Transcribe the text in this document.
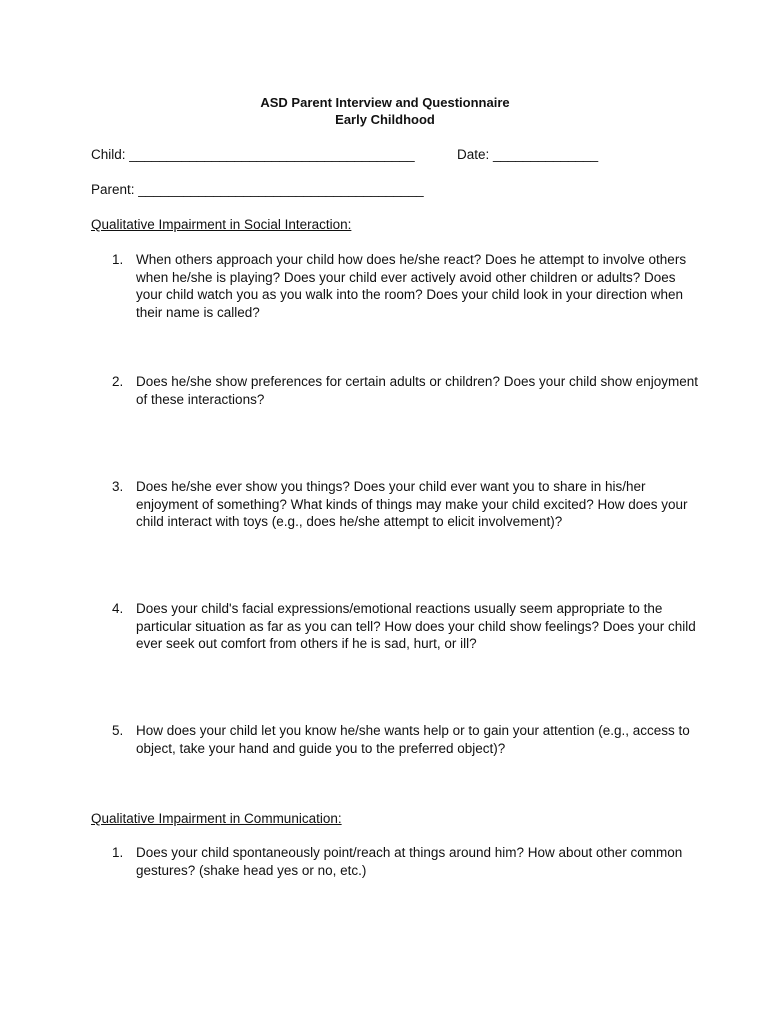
ASD Parent Interview and Questionnaire
Early Childhood
Child: ______________________________________	Date: ______________
Parent: ______________________________________
Qualitative Impairment in Social Interaction:
1. When others approach your child how does he/she react? Does he attempt to involve others when he/she is playing? Does your child ever actively avoid other children or adults? Does your child watch you as you walk into the room? Does your child look in your direction when their name is called?
2. Does he/she show preferences for certain adults or children? Does your child show enjoyment of these interactions?
3. Does he/she ever show you things? Does your child ever want you to share in his/her enjoyment of something? What kinds of things may make your child excited? How does your child interact with toys (e.g., does he/she attempt to elicit involvement)?
4. Does your child's facial expressions/emotional reactions usually seem appropriate to the particular situation as far as you can tell? How does your child show feelings? Does your child ever seek out comfort from others if he is sad, hurt, or ill?
5. How does your child let you know he/she wants help or to gain your attention (e.g., access to object, take your hand and guide you to the preferred object)?
Qualitative Impairment in Communication:
1. Does your child spontaneously point/reach at things around him? How about other common gestures? (shake head yes or no, etc.)
